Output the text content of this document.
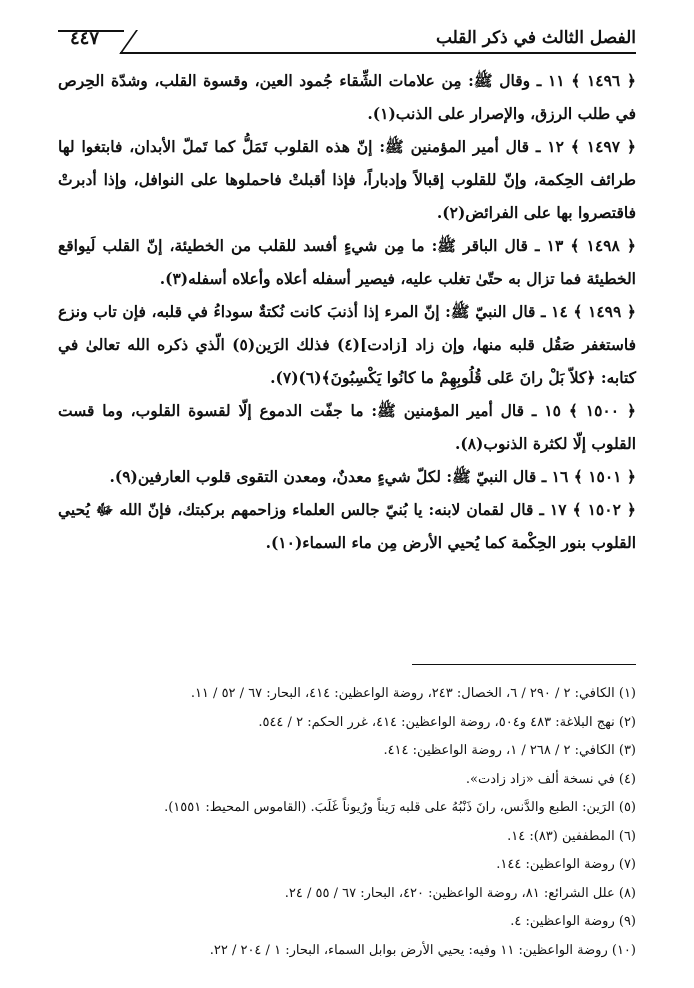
الفصل الثالث في ذكر القلب
٤٤٧

﴿ ١٤٩٦ ﴾ ١١ ـ وقال ﷺ: مِن علامات الشِّقاء جُمود العين، وقسوة القلب، وشدّة الحِرص في طلب الرزق، والإصرار على الذنب(١).

﴿ ١٤٩٧ ﴾ ١٢ ـ قال أمير المؤمنين ﷺ: إنّ هذه القلوب تَمَلُّ كما تَملّ الأبدان، فابتغوا لها طرائف الحِكمة، وإنّ للقلوب إقبالاً وإدباراً، فإذا أقبلتْ فاحملوها على النوافل، وإذا أدبرتْ فاقتصروا بها على الفرائض(٢).

﴿ ١٤٩٨ ﴾ ١٣ ـ قال الباقر ﷺ: ما مِن شيءٍ أفسد للقلب من الخطيئة، إنّ القلب لَيواقع الخطيئة فما تزال به حتّىٰ تغلب عليه، فيصير أسفله أعلاه وأعلاه أسفله(٣).

﴿ ١٤٩٩ ﴾ ١٤ ـ قال النبيّ ﷺ: إنّ المرء إذا أذنبَ كانت نُكتةٌ سوداءُ في قلبه، فإن تاب ونزع فاستغفر صَقُل قلبه منها، وإن زاد [زادت](٤) فذلك الرَين(٥) الّذي ذكره الله تعالىٰ في كتابه: ﴿كلاّ بَلْ رانَ عَلى قُلُوبِهِمْ ما كانُوا يَكْسِبُونَ﴾(٦)(٧).

﴿ ١٥٠٠ ﴾ ١٥ ـ قال أمير المؤمنين ﷺ: ما جفّت الدموع إلّا لقسوة القلوب، وما قست القلوب إلّا لكثرة الذنوب(٨).

﴿ ١٥٠١ ﴾ ١٦ ـ قال النبيّ ﷺ: لكلّ شيءٍ معدنٌ، ومعدن التقوى قلوب العارفين(٩).

﴿ ١٥٠٢ ﴾ ١٧ ـ قال لقمان لابنه: يا بُنيّ جالس العلماء وزاحمهم بركبتك، فإنّ الله ﷻ يُحيي القلوب بنور الحِكْمة كما يُحيي الأرض مِن ماء السماء(١٠).

(١) الكافي: ٢ / ٢٩٠ / ٦، الخصال: ٢٤٣، روضة الواعظين: ٤١٤، البحار: ٦٧ / ٥٢ / ١١.

(٢) نهج البلاغة: ٤٨٣ و٥٠٤، روضة الواعظين: ٤١٤، غرر الحكم: ٢ / ٥٤٤.

(٣) الكافي: ٢ / ٢٦٨ / ١، روضة الواعظين: ٤١٤.

(٤) في نسخة ألف «زاد زادت».

(٥) الرَين: الطبع والدَّنس، رانَ ذَنْبُهُ على قلبه رَيناً ورُيوناً غَلَبَ. (القاموس المحيط: ١٥٥١).

(٦) المطففين (٨٣): ١٤.

(٧) روضة الواعظين: ١٤٤.

(٨) علل الشرائع: ٨١، روضة الواعظين: ٤٢٠، البحار: ٦٧ / ٥٥ / ٢٤.

(٩) روضة الواعظين: ٤.

(١٠) روضة الواعظين: ١١ وفيه: يحيي الأرض بوابل السماء، البحار: ١ / ٢٠٤ / ٢٢.
